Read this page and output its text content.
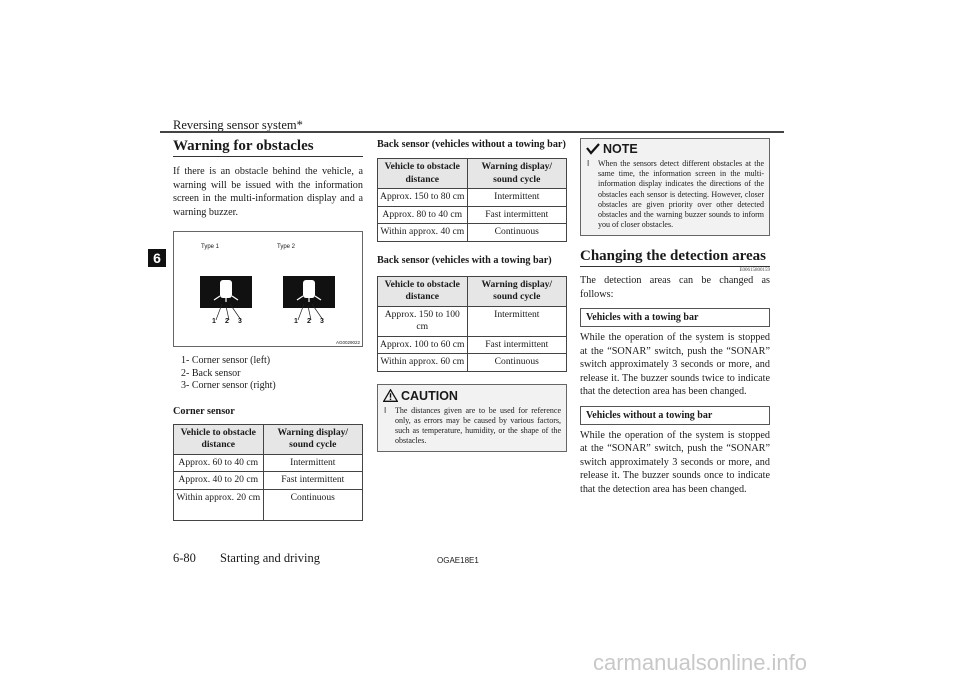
Reversing sensor system*
6
Warning for obstacles

If there is an obstacle behind the vehicle, a warning will be issued with the information screen in the multi-information display and a warning buzzer.

Type 1	Type 2
1 2 3	1 2 3
AG0029022
1- Corner sensor (left)
2- Back sensor
3- Corner sensor (right)

Corner sensor

Vehicle to obstacle distance	Warning display/ sound cycle
Approx. 60 to 40 cm	Intermittent
Approx. 40 to 20 cm	Fast intermittent
Within approx. 20 cm	Continuous

Back sensor (vehicles without a towing bar)

Vehicle to obstacle distance	Warning display/ sound cycle
Approx. 150 to 80 cm	Intermittent
Approx. 80 to 40 cm	Fast intermittent
Within approx. 40 cm	Continuous

Back sensor (vehicles with a towing bar)

Vehicle to obstacle distance	Warning display/ sound cycle
Approx. 150 to 100 cm	Intermittent
Approx. 100 to 60 cm	Fast intermittent
Within approx. 60 cm	Continuous
CAUTION
l The distances given are to be used for reference only, as errors may be caused by various factors, such as temperature, humidity, or the shape of the obstacles.
NOTE
l When the sensors detect different obstacles at the same time, the information screen in the multi-information display indicates the directions of the obstacles each sensor is detecting. However, closer obstacles are given priority over other detected obstacles and the warning buzzer sounds to inform you of closer obstacles.
Changing the detection areas

E00615800159

The detection areas can be changed as follows:

Vehicles with a towing bar

While the operation of the system is stopped at the “SONAR” switch, push the “SONAR” switch approximately 3 seconds or more, and release it. The buzzer sounds twice to indicate that the detection area has been changed.

Vehicles without a towing bar

While the operation of the system is stopped at the “SONAR” switch, push the “SONAR” switch approximately 3 seconds or more, and release it. The buzzer sounds once to indicate that the detection area has been changed.

6-80 Starting and driving	OGAE18E1
carmanualsonline.info
